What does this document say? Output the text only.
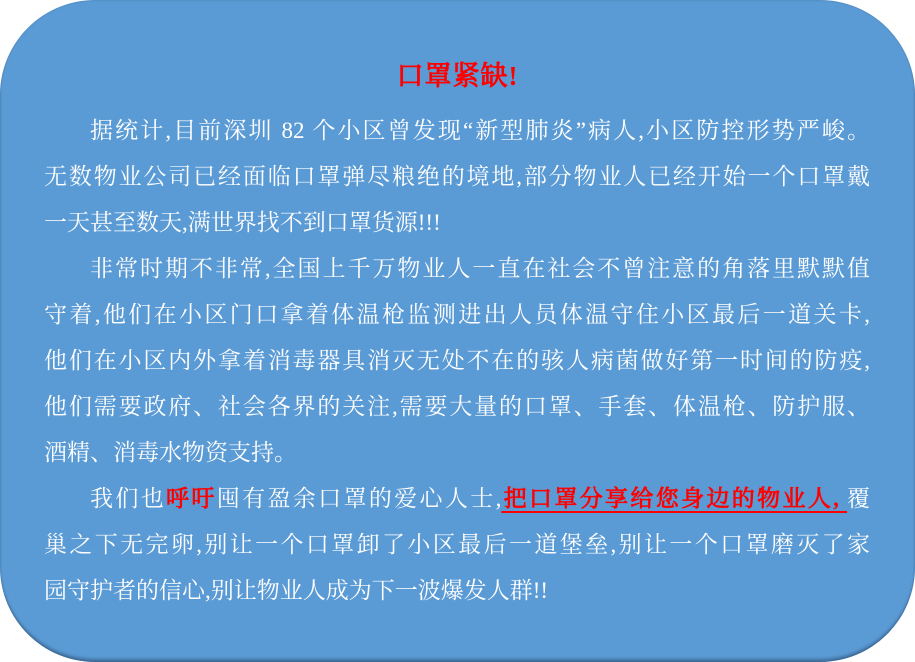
口罩紧缺!
据统计,目前深圳 82 个小区曾发现“新型肺炎”病人,小区防控形势严峻。
无数物业公司已经面临口罩弹尽粮绝的境地,部分物业人已经开始一个口罩戴
一天甚至数天,满世界找不到口罩货源!!!
非常时期不非常,全国上千万物业人一直在社会不曾注意的角落里默默值
守着,他们在小区门口拿着体温枪监测进出人员体温守住小区最后一道关卡,
他们在小区内外拿着消毒器具消灭无处不在的骇人病菌做好第一时间的防疫,
他们需要政府、社会各界的关注,需要大量的口罩、手套、体温枪、防护服、
酒精、消毒水物资支持。
我们也呼吁囤有盈余口罩的爱心人士,把口罩分享给您身边的物业人, 覆
巢之下无完卵,别让一个口罩卸了小区最后一道堡垒,别让一个口罩磨灭了家
园守护者的信心,别让物业人成为下一波爆发人群!!
